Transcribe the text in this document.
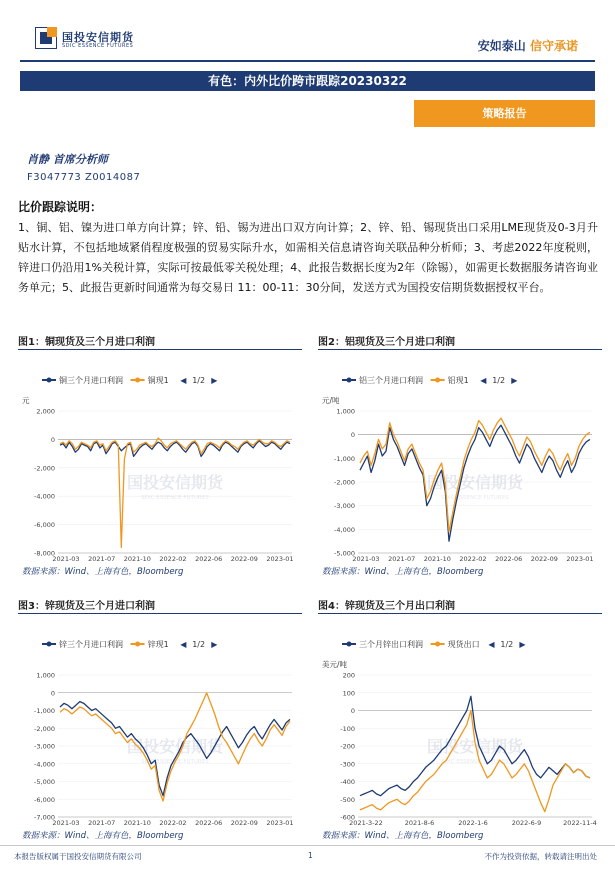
国投安信期货
SDIC ESSENCE FUTURES	安如泰山 信守承诺
有色：内外比价跨市跟踪20230322
策略报告
肖静 首席分析师
F3047773 Z0014087
比价跟踪说明：
1、铜、铝、镍为进口单方向计算；锌、铅、锡为进出口双方向计算；2、锌、铅、锡现货出口采用LME现货及0-3月升贴水计算，不包括地域紧俏程度极强的贸易实际升水，如需相关信息请咨询关联品种分析师；3、考虑2022年度税则，锌进口仍沿用1%关税计算，实际可按最低零关税处理；4、此报告数据长度为2年（除锡），如需更长数据服务请咨询业务单元；5、此报告更新时间通常为每交易日 11：00-11：30分间，发送方式为国投安信期货数据授权平台。
图1：铜现货及三个月进口利润
数据来源：Wind、上海有色，Bloomberg
铜三个月进口利润	铜现1 ◀ 1/2 ▶
元
2,000
0
-2,000
-4,000
-6,000
-8,000
2021-03 2021-07 2021-10 2022-02 2022-06 2022-09 2023-01
国投安信期货
SDIC ESSENCE FUTURES
图2：铝现货及三个月进口利润
数据来源：Wind、上海有色，Bloomberg
铝三个月进口利润	铝现1 ◀ 1/2 ▶
元/吨
1,000
0
-1,000
-2,000
-3,000
-4,000
-5,000
2021-03 2021-07 2021-10 2022-02 2022-06 2022-09 2023-01
国投安信期货
SDIC ESSENCE FUTURES
图3：锌现货及三个月进口利润
数据来源：Wind、上海有色，Bloomberg
锌三个月进口利润	锌现1 ◀ 1/2 ▶
1,000
0
-1,000
-2,000
-3,000
-4,000
-5,000
-6,000
-7,000
2021-03 2021-07 2021-10 2022-02 2022-06 2022-09 2023-01
国投安信期货
SDIC ESSENCE FUTURES
图4：锌现货及三个月出口利润
数据来源：Wind、上海有色，Bloomberg
三个月锌出口利润	现货出口 ◀ 1/2 ▶
美元/吨
200
100
0
-100
-200
-300
-400
-500
-600
2021-3-22	2021-8-6	2022-1-6	2022-6-9	2022-11-4
国投安信期货
SDIC ESSENCE FUTURES
本报告版权属于国投安信期货有限公司	1	不作为投资依据，转载请注明出处
